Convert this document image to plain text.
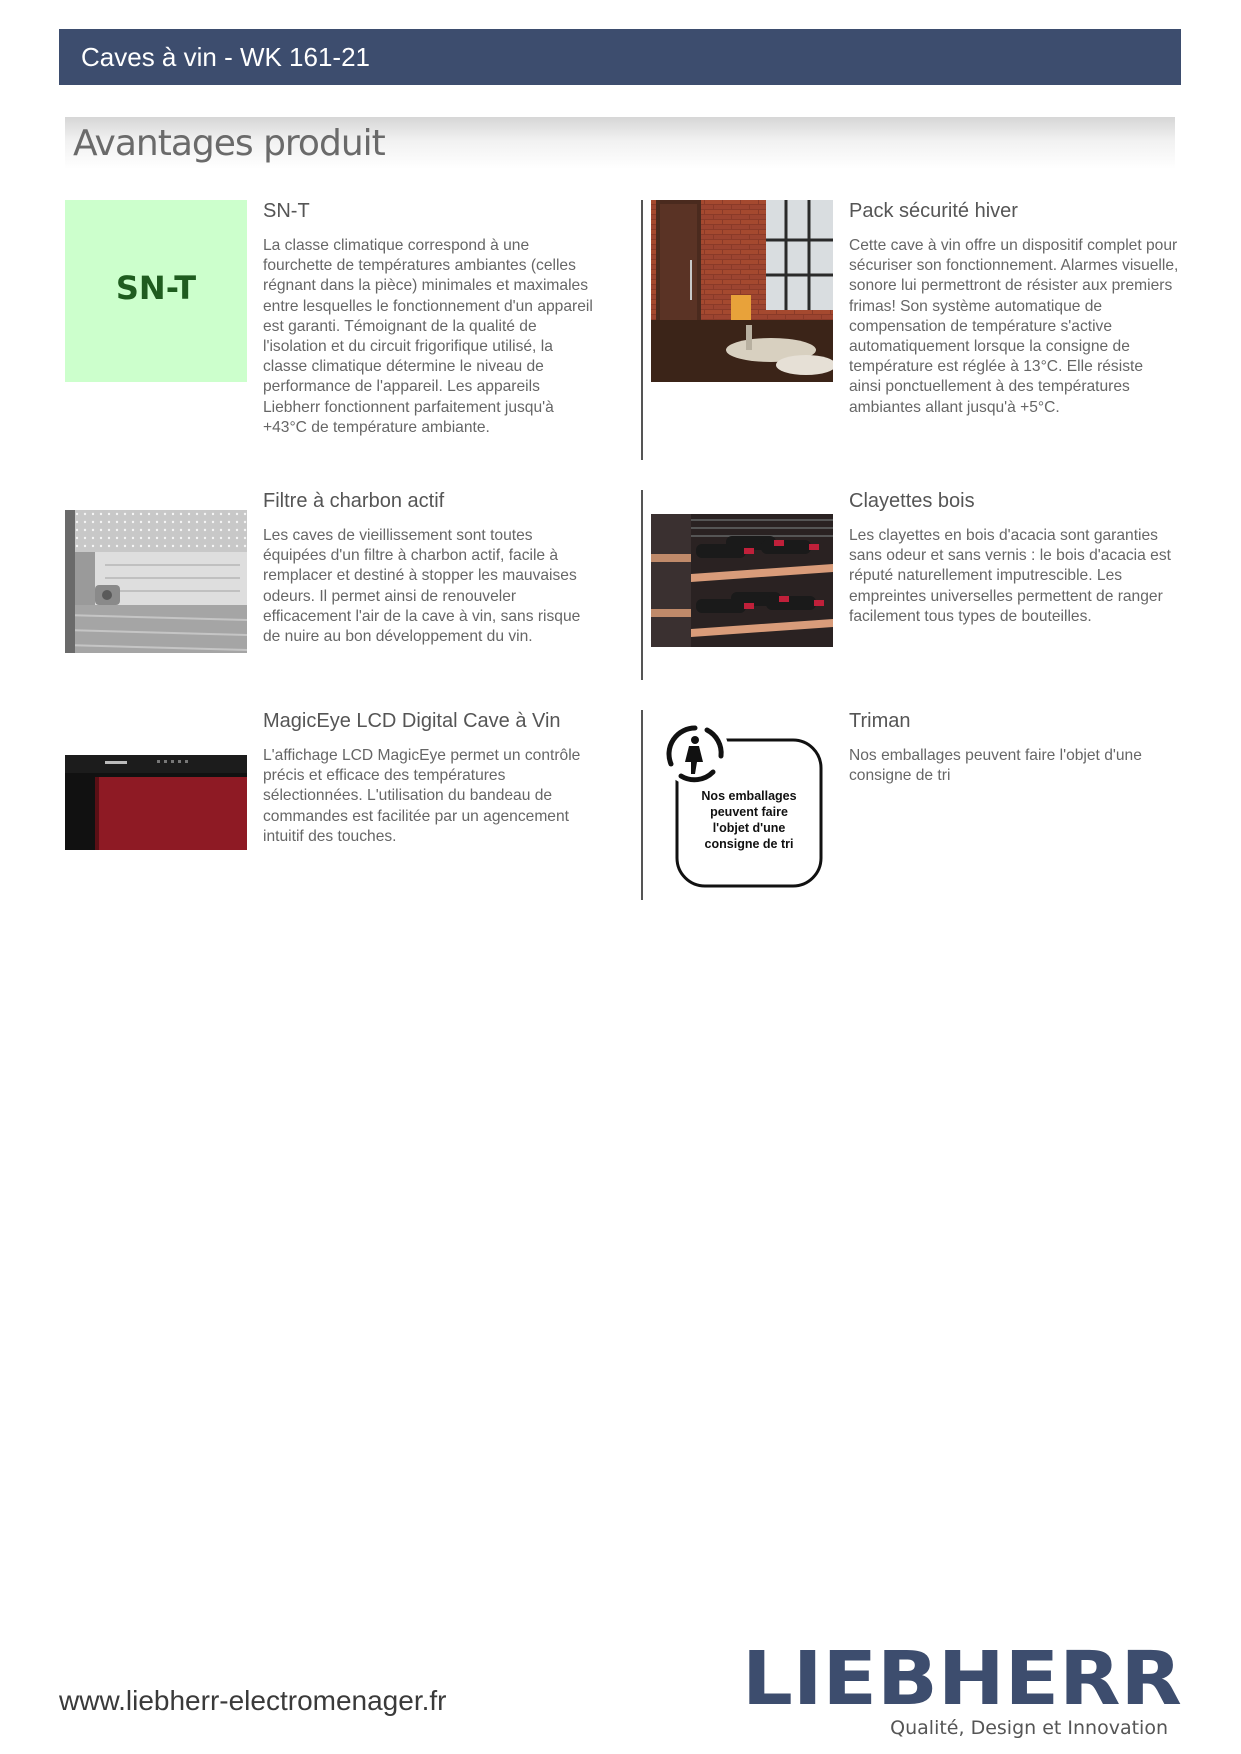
Caves à vin - WK 161-21
Avantages produit
SN-T
SN-T
La classe climatique correspond à une fourchette de températures ambiantes (celles régnant dans la pièce) minimales et maximales entre lesquelles le fonctionnement d'un appareil est garanti. Témoignant de la qualité de l'isolation et du circuit frigorifique utilisé, la classe climatique détermine le niveau de performance de l'appareil. Les appareils Liebherr fonctionnent parfaitement jusqu'à +43°C de température ambiante.
Pack sécurité hiver
Cette cave à vin offre un dispositif complet pour sécuriser son fonctionnement. Alarmes visuelle, sonore lui permettront de résister aux premiers frimas! Son système automatique de compensation de température s'active automatiquement lorsque la consigne de température est réglée à 13°C. Elle résiste ainsi ponctuellement à des températures ambiantes allant jusqu'à +5°C.
Filtre à charbon actif
Les caves de vieillissement sont toutes équipées d'un filtre à charbon actif, facile à remplacer et destiné à stopper les mauvaises odeurs. Il permet ainsi de renouveler efficacement l'air de la cave à vin, sans risque de nuire au bon développement du vin.
Clayettes bois
Les clayettes en bois d'acacia sont garanties sans odeur et sans vernis : le bois d'acacia est réputé naturellement imputrescible. Les empreintes universelles permettent de ranger facilement tous types de bouteilles.
MagicEye LCD Digital Cave à Vin
L'affichage LCD MagicEye permet un contrôle précis et efficace des températures sélectionnées. L'utilisation du bandeau de commandes est facilitée par un agencement intuitif des touches.
Nos emballages
peuvent faire
l'objet d'une
consigne de tri
Triman
Nos emballages peuvent faire l'objet d'une consigne de tri
www.liebherr-electromenager.fr	LIEBHERR
Qualité, Design et Innovation
